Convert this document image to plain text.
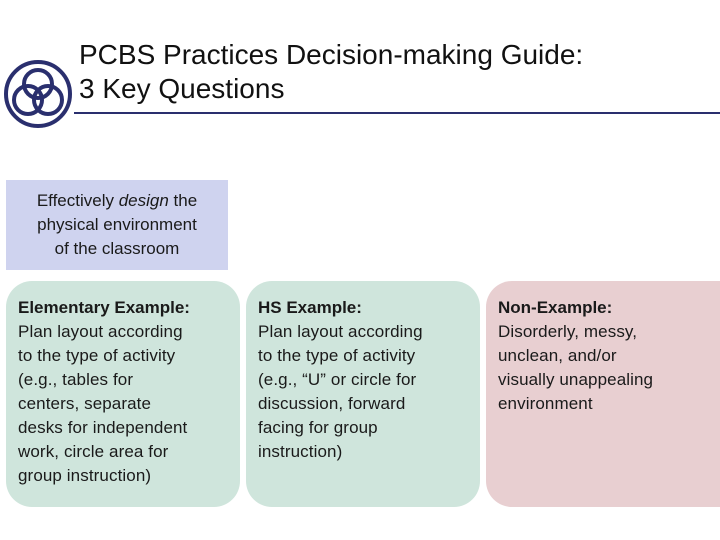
PCBS Practices Decision-making Guide:
3 Key Questions
Effectively design the
physical environment
of the classroom
Elementary Example:
Plan layout according
to the type of activity
(e.g., tables for
centers, separate
desks for independent
work, circle area for
group instruction)
HS Example:
Plan layout according
to the type of activity
(e.g., “U” or circle for
discussion, forward
facing for group
instruction)
Non-Example:
Disorderly, messy,
unclean, and/or
visually unappealing
environment
